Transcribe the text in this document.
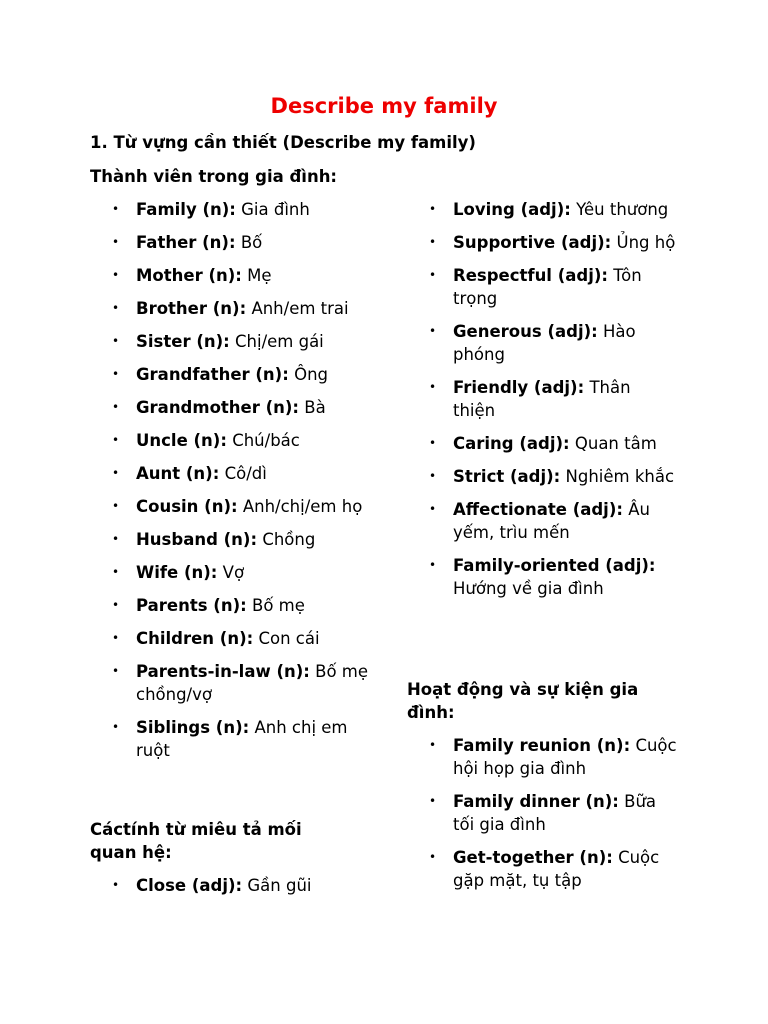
Describe my family

1. Từ vựng cần thiết (Describe my family)

Thành viên trong gia đình:

• Family (n): Gia đình
• Father (n): Bố
• Mother (n): Mẹ
• Brother (n): Anh/em trai
• Sister (n): Chị/em gái
• Grandfather (n): Ông
• Grandmother (n): Bà
• Uncle (n): Chú/bác
• Aunt (n): Cô/dì
• Cousin (n): Anh/chị/em họ
• Husband (n): Chồng
• Wife (n): Vợ
• Parents (n): Bố mẹ
• Children (n): Con cái
• Parents-in-law (n): Bố mẹ chồng/vợ
• Siblings (n): Anh chị em ruột

Cáctính từ miêu tả mối quan hệ:

• Close (adj): Gần gũi
• Loving (adj): Yêu thương
• Supportive (adj): Ủng hộ
• Respectful (adj): Tôn trọng
• Generous (adj): Hào phóng
• Friendly (adj): Thân thiện
• Caring (adj): Quan tâm
• Strict (adj): Nghiêm khắc
• Affectionate (adj): Âu yếm, trìu mến
• Family-oriented (adj): Hướng về gia đình

Hoạt động và sự kiện gia đình:

• Family reunion (n): Cuộc hội họp gia đình
• Family dinner (n): Bữa tối gia đình
• Get-together (n): Cuộc gặp mặt, tụ tập
